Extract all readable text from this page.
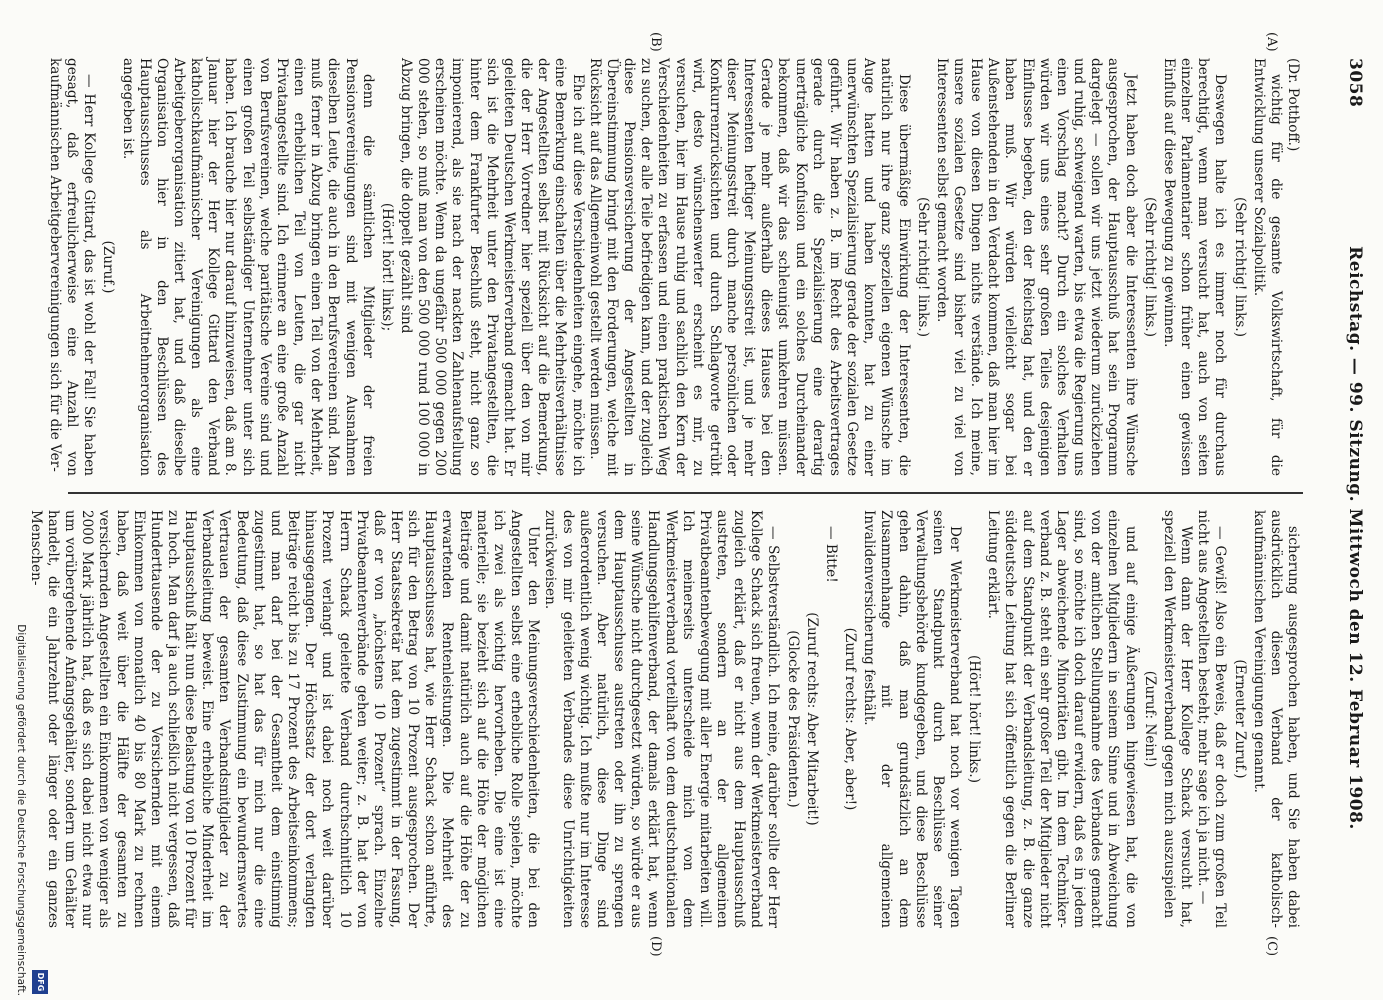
3058
Reichstag. — 99. Sitzung. Mittwoch den 12. Februar 1908.
(A)
(B)
(C)
(D)

(Dr. Potthoff.)

wichtig für die gesamte Volkswirtschaft, für die Entwicklung unserer Sozialpolitik.

(Sehr richtig! links.)

Deswegen halte ich es immer noch für durchaus berechtigt, wenn man versucht hat, auch von seiten einzelner Parlamentarier schon früher einen gewissen Einfluß auf diese Bewegung zu gewinnen.

(Sehr richtig! links.)

Jetzt haben doch aber die Interessenten ihre Wünsche ausgesprochen, der Hauptausschuß hat sein Programm dargelegt — sollen wir uns jetzt wiederum zurückziehen und ruhig, schweigend warten, bis etwa die Regierung uns einen Vorschlag macht? Durch ein solches Verhalten würden wir uns eines sehr großen Teiles desjenigen Einflusses begeben, den der Reichstag hat, und den er haben muß. Wir würden vielleicht sogar bei Außenstehenden in den Verdacht kommen, daß man hier im Hause von diesen Dingen nichts verstände. Ich meine, unsere sozialen Gesetze sind bisher viel zu viel von Interessenten selbst gemacht worden.

(Sehr richtig! links.)

Diese übermäßige Einwirkung der Interessenten, die natürlich nur ihre ganz speziellen eigenen Wünsche im Auge hatten und haben konnten, hat zu einer unerwünschten Spezialisierung gerade der sozialen Gesetze geführt. Wir haben z. B. im Recht des Arbeitsvertrages gerade durch die Spezialisierung eine derartig unerträgliche Konfusion und ein solches Durcheinander bekommen, daß wir das schleunigst umkehren müssen. Gerade je mehr außerhalb dieses Hauses bei den Interessenten heftiger Meinungsstreit ist, und je mehr dieser Meinungsstreit durch manche persönlichen oder Konkurrenzrücksichten und durch Schlagworte getrübt wird, desto wünschenswerter erscheint es mir, zu versuchen, hier im Hause ruhig und sachlich den Kern der Verschiedenheiten zu erfassen und einen praktischen Weg zu suchen, der alle Teile befriedigen kann, und der zugleich diese Pensionsversicherung der Angestellten in Übereinstimmung bringt mit den Forderungen, welche mit Rücksicht auf das Allgemeinwohl gestellt werden müssen.

Ehe ich auf diese Verschiedenheiten eingehe, möchte ich eine Bemerkung einschalten über die Mehrheitsverhältnisse der Angestellten selbst mit Rücksicht auf die Bemerkung, die der Herr Vorredner hier speziell über den von mir geleiteten Deutschen Werkmeisterverband gemacht hat. Er sich ist die Mehrheit unter den Privatangestellten, die hinter dem Frankfurter Beschluß steht, nicht ganz so imponierend, als sie nach der nackten Zahlenaufstellung erscheinen möchte. Wenn da ungefähr 500 000 gegen 200 000 stehen, so muß man von den 500 000 rund 100 000 in Abzug bringen, die doppelt gezählt sind

(Hört! hört! links);

denn die sämtlichen Mitglieder der freien Pensionsvereinigungen sind mit wenigen Ausnahmen dieselben Leute, die auch in den Berufsvereinen sind. Man muß ferner in Abzug bringen einen Teil von der Mehrheit, einen erheblichen Teil von Leuten, die gar nicht Privatangestellte sind. Ich erinnere an eine große Anzahl von Berufsvereinen, welche paritätische Vereine sind und einen großen Teil selbständiger Unternehmer unter sich haben. Ich brauche hier nur darauf hinzuweisen, daß am 8. Januar hier der Herr Kollege Gittard den Verband katholischkaufmännischer Vereinigungen als eine Arbeitgeberorganisation zitiert hat, und daß dieselbe Organisation hier in den Beschlüssen des Hauptausschusses als Arbeitnehmerorganisation angegeben ist.

(Zuruf.)

— Herr Kollege Gittard, das ist wohl der Fall! Sie haben gesagt, daß erfreulicherweise eine Anzahl von kaufmännischen Arbeitgebervereinigungen sich für die Ver-

sicherung ausgesprochen haben, und Sie haben dabei ausdrücklich diesen Verband der katholisch-kaufmännischen Vereinigungen genannt.

(Erneuter Zuruf.)

— Gewiß! Also ein Beweis, daß er doch zum großen Teil nicht aus Angestellten besteht; mehr sage ich ja nicht. —

Wenn dann der Herr Kollege Schack versucht hat, speziell den Werkmeisterverband gegen mich auszuspielen

(Zuruf: Nein!)

und auf einige Äußerungen hingewiesen hat, die von einzelnen Mitgliedern in seinem Sinne und in Abweichung von der amtlichen Stellungnahme des Verbandes gemacht sind, so möchte ich doch darauf erwidern, daß es in jedem Lager abweichende Minoritäten gibt. Im dem Techniker-verband z. B. steht ein sehr großer Teil der Mitglieder nicht auf dem Standpunkt der Verbandsleitung, z. B. die ganze süddeutsche Leitung hat sich öffentlich gegen die Berliner Leitung erklärt.

(Hört! hört! links.)

Der Werkmeisterverband hat noch vor wenigen Tagen seinen Standpunkt durch Beschlüsse seiner Verwaltungsbehörde kundgegeben, und diese Beschlüsse gehen dahin, daß man grundsätzlich an dem Zusammenhange mit der allgemeinen Invalidenversicherung festhält.

(Zuruf rechts: Aber, aber!)

— Bitte!

(Zuruf rechts: Aber Mitarbeit!)

(Glocke des Präsidenten.)

— Selbstverständlich. Ich meine, darüber sollte der Herr Kollege Schack sich freuen, wenn der Werkmeisterverband zugleich erklärt, daß er nicht aus dem Hauptausschuß austreten, sondern an der allgemeinen Privatbeamtenbewegung mit aller Energie mitarbeiten will. Ich meinerseits unterscheide mich von dem Werkmeisterverband vorteilhaft von dem deutschnationalen Handlungsgehilfenverband, der damals erklärt hat, wenn seine Wünsche nicht durchgesetzt würden, so würde er aus dem Hauptausschusse austreten oder ihn zu sprengen versuchen. Aber natürlich, diese Dinge sind außerordentlich wenig wichtig. Ich mußte nur im Interesse des von mir geleiteten Verbandes diese Unrichtigkeiten zurückweisen.

Unter den Meinungsverschiedenheiten, die bei den Angestellten selbst eine erhebliche Rolle spielen, möchte ich zwei als wichtig hervorheben. Die eine ist eine materielle; sie bezieht sich auf die Höhe der möglichen Beiträge und damit natürlich auch auf die Höhe der zu erwartenden Rentenleistungen. Die Mehrheit des Hauptausschusses hat, wie Herr Schack schon anführte, sich für den Betrag von 10 Prozent ausgesprochen. Der Herr Staatssekretär hat dem zugestimmt in der Fassung, daß er von „höchstens 10 Prozent“ sprach. Einzelne Privatbeamtenverbände gehen weiter; z. B. hat der von Herrn Schack geleitete Verband durchschnittlich 10 Prozent verlangt und ist dabei noch weit darüber hinausgegangen. Der Höchstsatz der dort verlangten Beiträge reicht bis zu 17 Prozent des Arbeitseinkommens; und man darf bei der Gesamtheit dem einstimmig zugestimmt hat, so hat das für mich nur die eine Bedeutung, daß diese Zustimmung ein bewundernswertes Vertrauen der gesamten Verbandsmitglieder zu der Verbandsleitung beweist. Eine erhebliche Minderheit im Hauptausschuß hält nun diese Belastung von 10 Prozent für zu hoch. Man darf ja auch schließlich nicht vergessen, daß Hunderttausende der zu Versichernden mit einem Einkommen von monatlich 40 bis 80 Mark zu rechnen haben, daß weit über die Hälfte der gesamten zu versichernden Angestellten ein Einkommen von weniger als 2000 Mark jährlich hat, daß es sich dabei nicht etwa nur um vorübergehende Anfangsgehälter, sondern um Gehälter handelt, die ein Jahrzehnt oder länger oder ein ganzes Menschen-

DFG
Digitalisierung gefördert durch die Deutsche Forschungsgemeinschaft.
